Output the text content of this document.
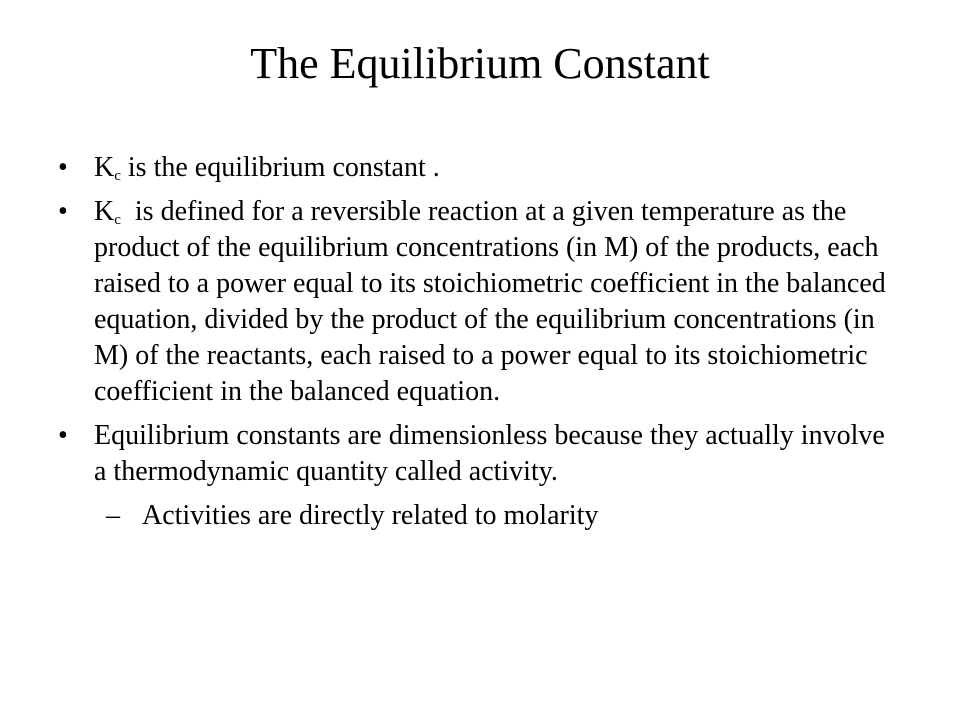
The Equilibrium Constant
• $K_c$ is the equilibrium constant .
• $K_c$  is defined for a reversible reaction at a given temperature as the product of the equilibrium concentrations (in M) of the products, each raised to a power equal to its stoichiometric coefficient in the balanced equation, divided by the product of the equilibrium concentrations (in M) of the reactants, each raised to a power equal to its stoichiometric coefficient in the balanced equation.
• Equilibrium constants are dimensionless because they actually involve a thermodynamic quantity called activity.
– Activities are directly related to molarity
